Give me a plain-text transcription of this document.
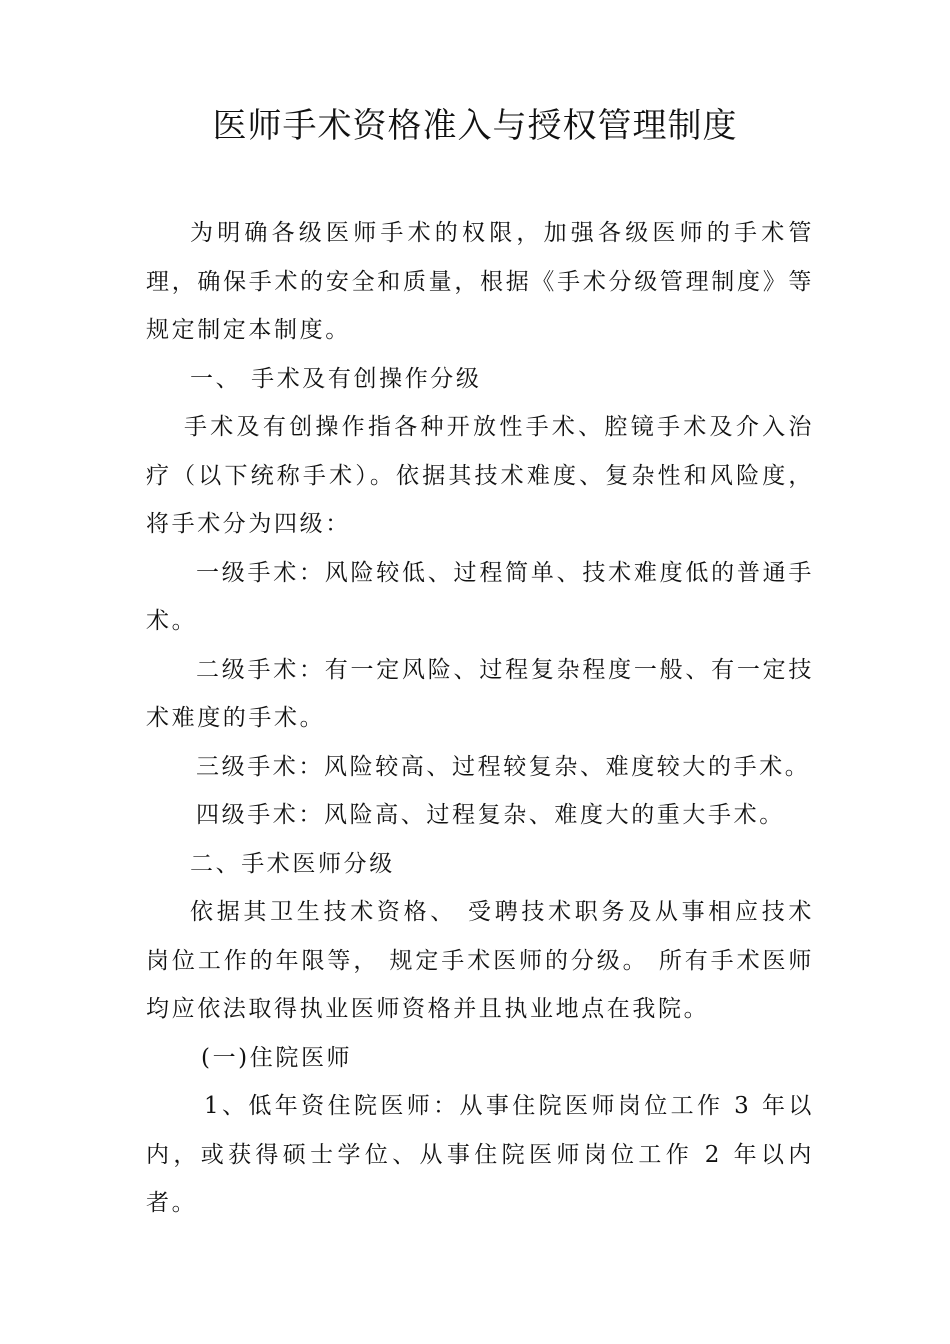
医师手术资格准入与授权管理制度

为明确各级医师手术的权限，加强各级医师的手术管理，确保手术的安全和质量，根据《手术分级管理制度》等规定制定本制度。

一、 手术及有创操作分级

手术及有创操作指各种开放性手术、腔镜手术及介入治疗（以下统称手术）。依据其技术难度、复杂性和风险度，将手术分为四级：

一级手术：风险较低、过程简单、技术难度低的普通手术。

二级手术：有一定风险、过程复杂程度一般、有一定技术难度的手术。

三级手术：风险较高、过程较复杂、难度较大的手术。

四级手术：风险高、过程复杂、难度大的重大手术。

二、手术医师分级

依据其卫生技术资格、 受聘技术职务及从事相应技术岗位工作的年限等， 规定手术医师的分级。 所有手术医师均应依法取得执业医师资格并且执业地点在我院。

(一)住院医师

1、低年资住院医师：从事住院医师岗位工作 3 年以内，或获得硕士学位、从事住院医师岗位工作 2 年以内者。
